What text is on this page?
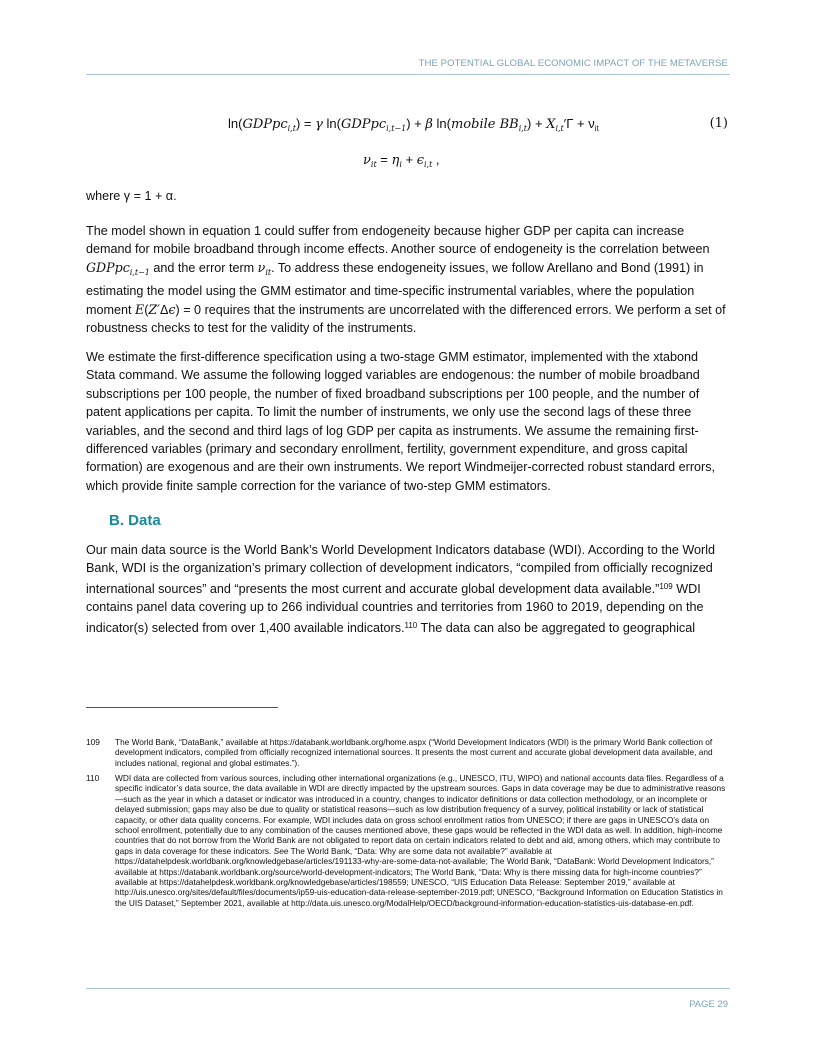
THE POTENTIAL GLOBAL ECONOMIC IMPACT OF THE METAVERSE
ln(GDPpc$_{i,t}$) = γ ln(GDPpc$_{i,t-1}$) + β ln(mobile $BB_{i,t}) + X_{i,t}'\Gamma + \nu_{it}$	(1)
$\nu_{it} = \eta_i + \epsilon_{i,t}$ ,

where γ = 1 + α.

The model shown in equation 1 could suffer from endogeneity because higher GDP per capita can increase demand for mobile broadband through income effects. Another source of endogeneity is the correlation between GDPpc$_{i,t-1}$ and the error term $\nu_{it}$. To address these endogeneity issues, we follow Arellano and Bond (1991) in estimating the model using the GMM estimator and time-specific instrumental variables, where the population moment E(Z′Δϵ) = 0 requires that the instruments are uncorrelated with the differenced errors. We perform a set of robustness checks to test for the validity of the instruments.

We estimate the first-difference specification using a two-stage GMM estimator, implemented with the xtabond Stata command. We assume the following logged variables are endogenous: the number of mobile broadband subscriptions per 100 people, the number of fixed broadband subscriptions per 100 people, and the number of patent applications per capita. To limit the number of instruments, we only use the second lags of these three variables, and the second and third lags of log GDP per capita as instruments. We assume the remaining first-differenced variables (primary and secondary enrollment, fertility, government expenditure, and gross capital formation) are exogenous and are their own instruments. We report Windmeijer-corrected robust standard errors, which provide finite sample correction for the variance of two-step GMM estimators.

B. Data

Our main data source is the World Bank’s World Development Indicators database (WDI). According to the World Bank, WDI is the organization’s primary collection of development indicators, “compiled from officially recognized international sources” and “presents the most current and accurate global development data available.”$^{109}$ WDI contains panel data covering up to 266 individual countries and territories from 1960 to 2019, depending on the indicator(s) selected from over 1,400 available indicators.$^{110}$ The data can also be aggregated to geographical

109 The World Bank, “DataBank,” available at https://databank.worldbank.org/home.aspx (“World Development Indicators (WDI) is the primary World Bank collection of development indicators, compiled from officially recognized international sources. It presents the most current and accurate global development data available, and includes national, regional and global estimates.”).
110 WDI data are collected from various sources, including other international organizations (e.g., UNESCO, ITU, WIPO) and national accounts data files. Regardless of a specific indicator’s data source, the data available in WDI are directly impacted by the upstream sources. Gaps in data coverage may be due to administrative reasons—such as the year in which a dataset or indicator was introduced in a country, changes to indicator definitions or data collection methodology, or an incomplete or delayed submission; gaps may also be due to quality or statistical reasons—such as low distribution frequency of a survey, political instability or lack of statistical capacity, or other data quality concerns. For example, WDI includes data on gross school enrollment ratios from UNESCO; if there are gaps in UNESCO’s data on school enrollment, potentially due to any combination of the causes mentioned above, these gaps would be reflected in the WDI data as well. In addition, high-income countries that do not borrow from the World Bank are not obligated to report data on certain indicators related to debt and aid, among others, which may contribute to gaps in data coverage for these indicators. See The World Bank, “Data: Why are some data not available?” available at https://datahelpdesk.worldbank.org/knowledgebase/articles/191133-why-are-some-data-not-available; The World Bank, “DataBank: World Development Indicators,” available at https://databank.worldbank.org/source/world-development-indicators; The World Bank, “Data: Why is there missing data for high-income countries?” available at https://datahelpdesk.worldbank.org/knowledgebase/articles/198559; UNESCO, “UIS Education Data Release: September 2019,” available at http://uis.unesco.org/sites/default/files/documents/ip59-uis-education-data-release-september-2019.pdf; UNESCO, “Background Information on Education Statistics in the UIS Dataset,” September 2021, available at http://data.uis.unesco.org/ModalHelp/OECD/background-information-education-statistics-uis-database-en.pdf.
PAGE 29
